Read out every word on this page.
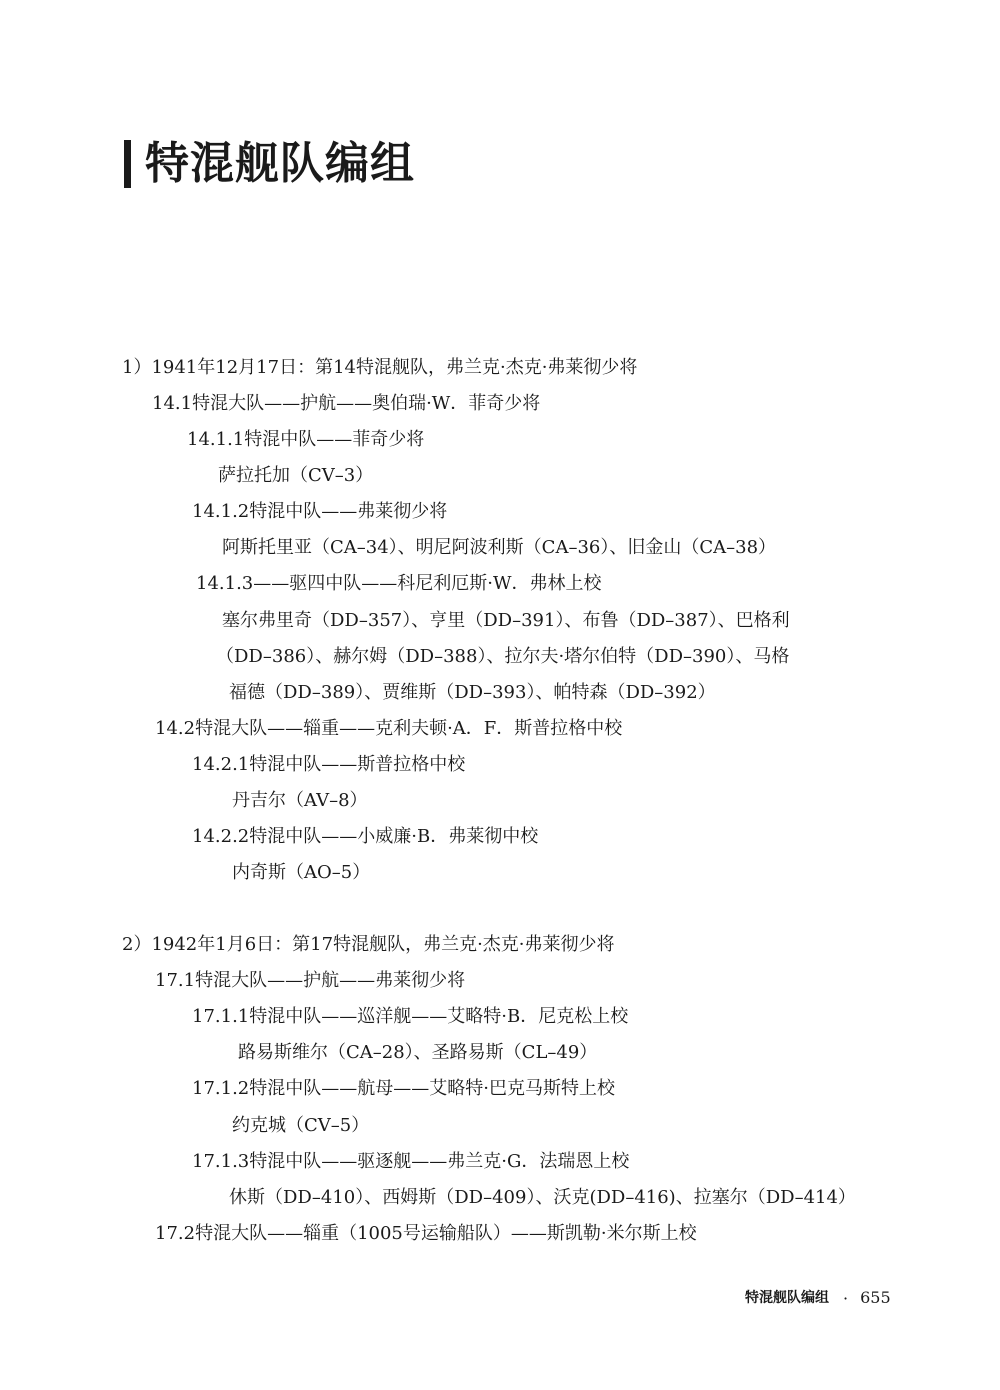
特混舰队编组
1）1941年12月17日：第14特混舰队，弗兰克·杰克·弗莱彻少将
14.1特混大队——护航——奥伯瑞·W．菲奇少将
14.1.1特混中队——菲奇少将
萨拉托加（CV–3）
14.1.2特混中队——弗莱彻少将
阿斯托里亚（CA–34）、明尼阿波利斯（CA–36）、旧金山（CA–38）
14.1.3——驱四中队——科尼利厄斯·W．弗林上校
塞尔弗里奇（DD–357）、亨里（DD–391）、布鲁（DD–387）、巴格利
（DD–386）、赫尔姆（DD–388）、拉尔夫·塔尔伯特（DD–390）、马格
福德（DD–389）、贾维斯（DD–393）、帕特森（DD–392）
14.2特混大队——辎重——克利夫顿·A．F．斯普拉格中校
14.2.1特混中队——斯普拉格中校
丹吉尔（AV–8）
14.2.2特混中队——小威廉·B．弗莱彻中校
内奇斯（AO–5）
2）1942年1月6日：第17特混舰队，弗兰克·杰克·弗莱彻少将
17.1特混大队——护航——弗莱彻少将
17.1.1特混中队——巡洋舰——艾略特·B．尼克松上校
路易斯维尔（CA–28）、圣路易斯（CL–49）
17.1.2特混中队——航母——艾略特·巴克马斯特上校
约克城（CV–5）
17.1.3特混中队——驱逐舰——弗兰克·G．法瑞恩上校
休斯（DD–410）、西姆斯（DD–409）、沃克(DD–416)、拉塞尔（DD–414）
17.2特混大队——辎重（1005号运输船队）——斯凯勒·米尔斯上校
特混舰队编组 · 655
